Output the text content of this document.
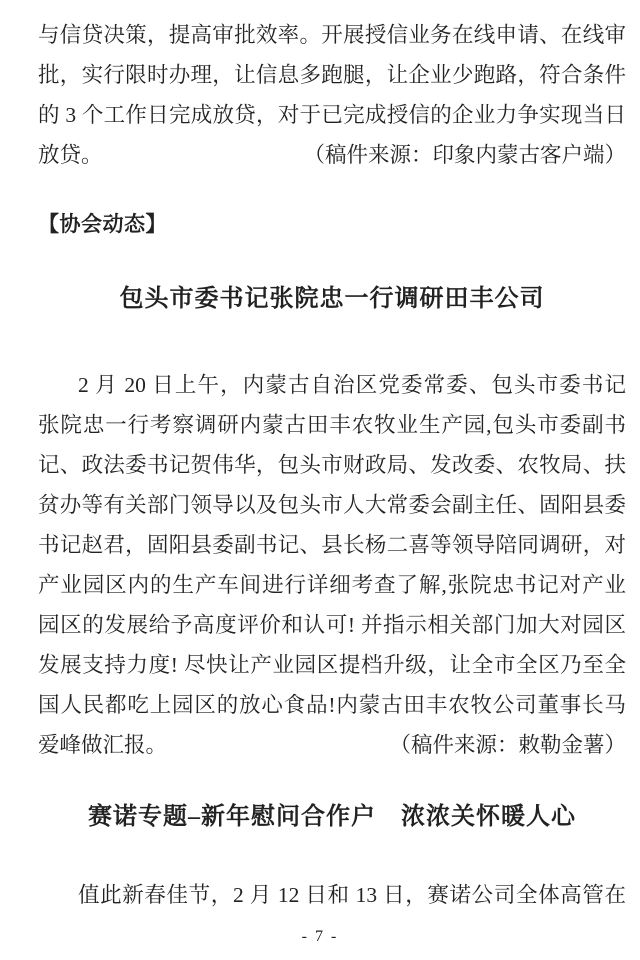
与信贷决策，提高审批效率。开展授信业务在线申请、在线审
批，实行限时办理，让信息多跑腿，让企业少跑路，符合条件
的 3 个工作日完成放贷，对于已完成授信的企业力争实现当日
放贷。	（稿件来源：印象内蒙古客户端）
【协会动态】
包头市委书记张院忠一行调研田丰公司
2 月 20 日上午，内蒙古自治区党委常委、包头市委书记
张院忠一行考察调研内蒙古田丰农牧业生产园,包头市委副书
记、政法委书记贺伟华，包头市财政局、发改委、农牧局、扶
贫办等有关部门领导以及包头市人大常委会副主任、固阳县委
书记赵君，固阳县委副书记、县长杨二喜等领导陪同调研，对
产业园区内的生产车间进行详细考查了解,张院忠书记对产业
园区的发展给予高度评价和认可! 并指示相关部门加大对园区
发展支持力度! 尽快让产业园区提档升级，让全市全区乃至全
国人民都吃上园区的放心食品!内蒙古田丰农牧公司董事长马
爱峰做汇报。	（稿件来源：敕勒金薯）
赛诺专题–新年慰问合作户　浓浓关怀暖人心
值此新春佳节，2 月 12 日和 13 日，赛诺公司全体高管在
- 7 -
